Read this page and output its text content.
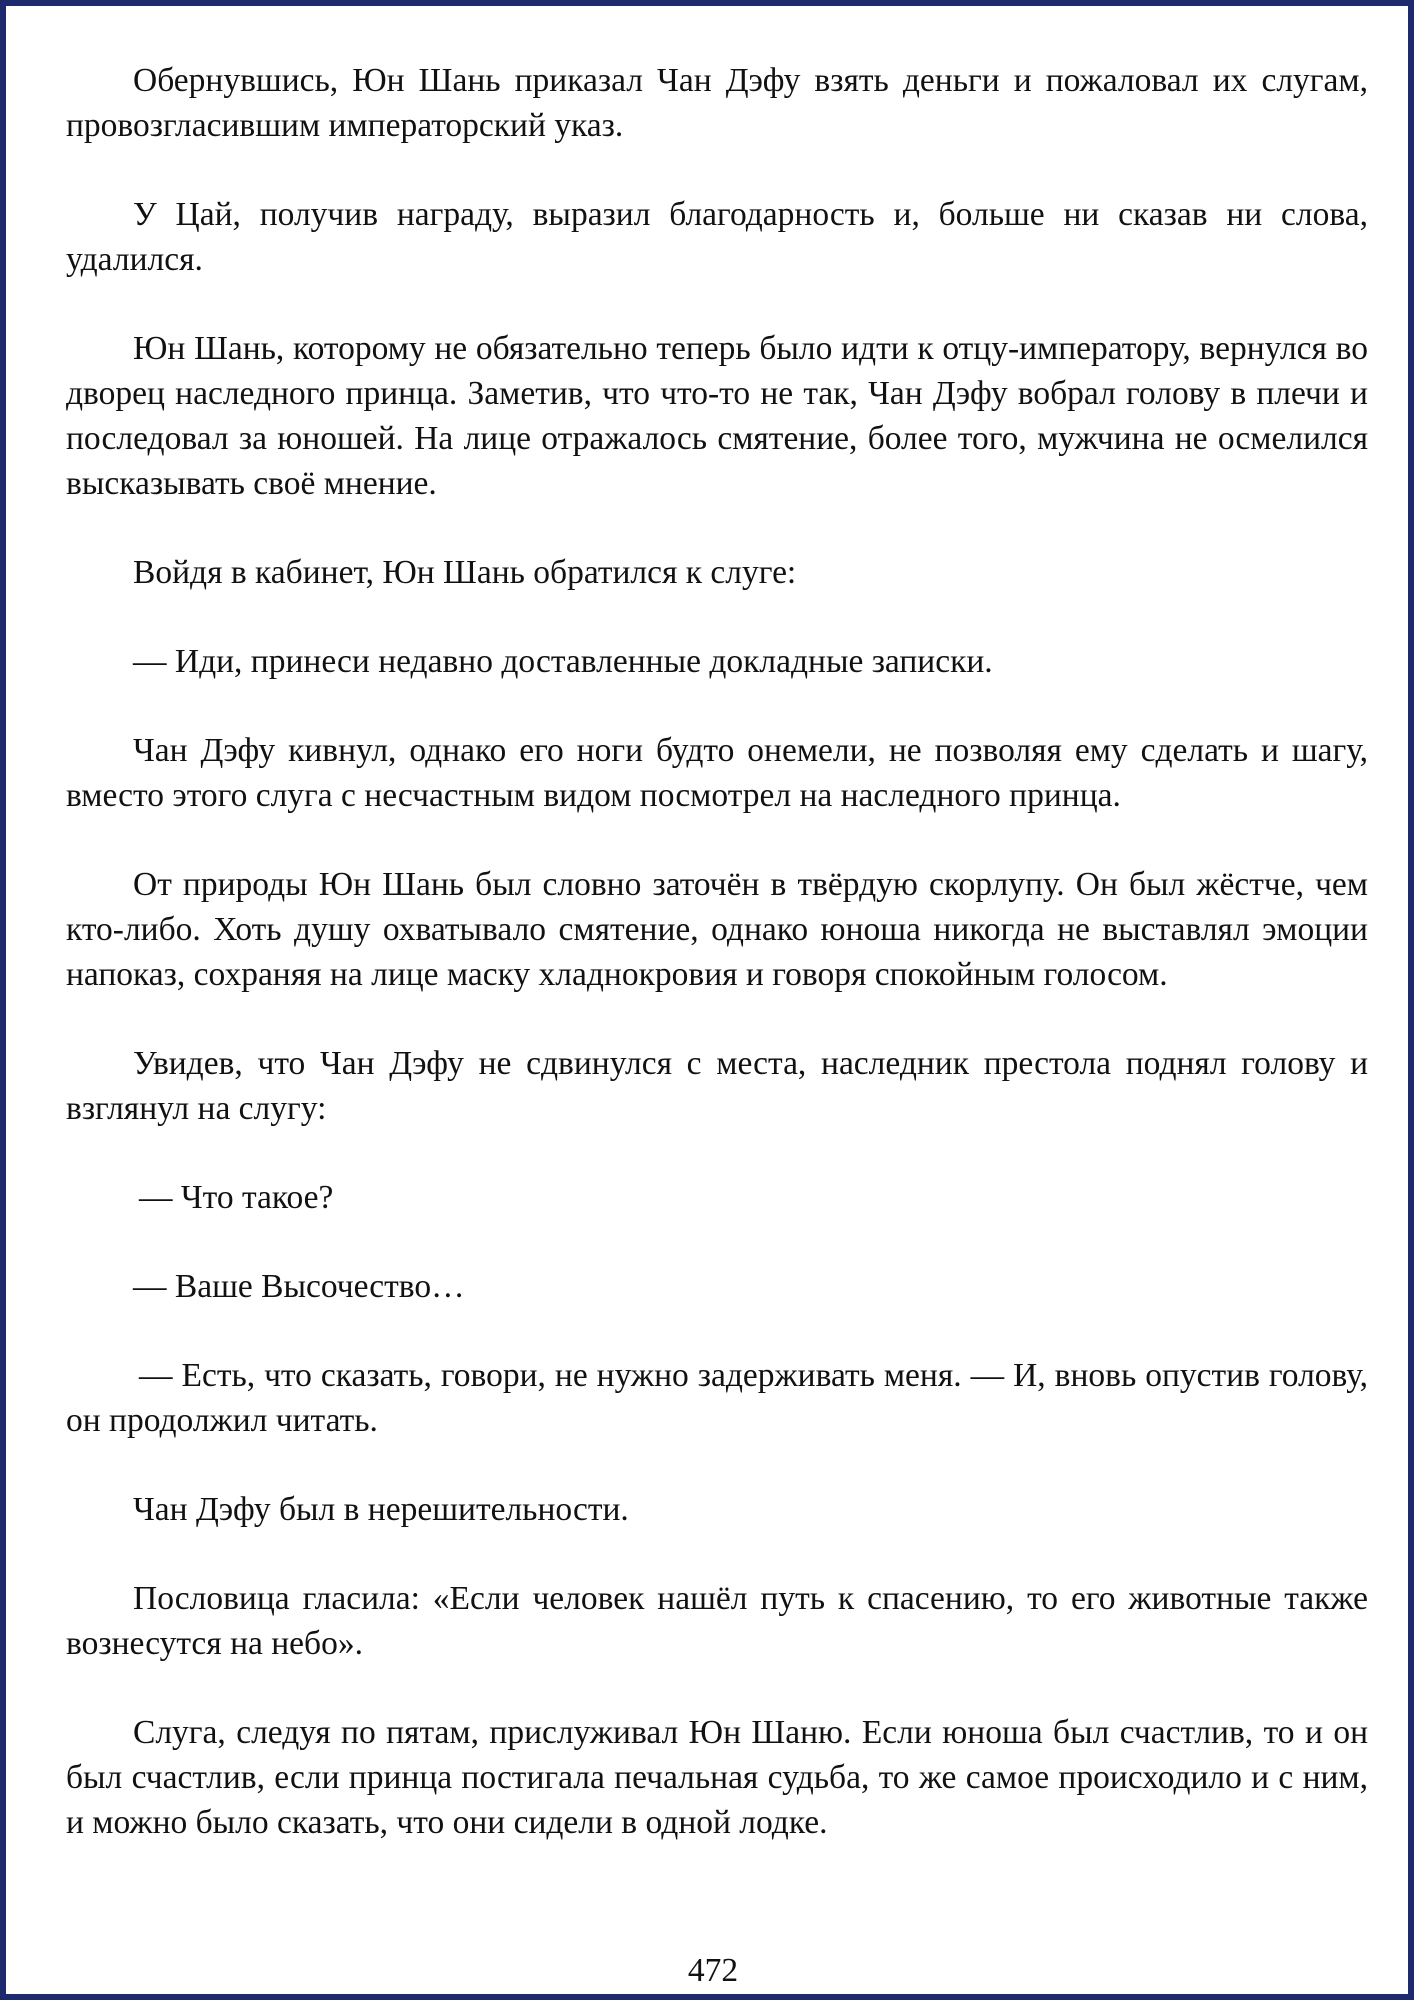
Обернувшись, Юн Шань приказал Чан Дэфу взять деньги и пожаловал их слугам, провозгласившим императорский указ.

У Цай, получив награду, выразил благодарность и, больше ни сказав ни слова, удалился.

Юн Шань, которому не обязательно теперь было идти к отцу-императору, вернулся во дворец наследного принца. Заметив, что что-то не так, Чан Дэфу вобрал голову в плечи и последовал за юношей. На лице отражалось смятение, более того, мужчина не осмелился высказывать своё мнение.

Войдя в кабинет, Юн Шань обратился к слуге:

— Иди, принеси недавно доставленные докладные записки.

Чан Дэфу кивнул, однако его ноги будто онемели, не позволяя ему сделать и шагу, вместо этого слуга с несчастным видом посмотрел на наследного принца.

От природы Юн Шань был словно заточён в твёрдую скорлупу. Он был жёстче, чем кто-либо. Хоть душу охватывало смятение, однако юноша никогда не выставлял эмоции напоказ, сохраняя на лице маску хладнокровия и говоря спокойным голосом.

Увидев, что Чан Дэфу не сдвинулся с места, наследник престола поднял голову и взглянул на слугу:

— Что такое?

— Ваше Высочество…

— Есть, что сказать, говори, не нужно задерживать меня. — И, вновь опустив голову, он продолжил читать.

Чан Дэфу был в нерешительности.

Пословица гласила: «Если человек нашёл путь к спасению, то его животные также вознесутся на небо».

Слуга, следуя по пятам, прислуживал Юн Шаню. Если юноша был счастлив, то и он был счастлив, если принца постигала печальная судьба, то же самое происходило и с ним, и можно было сказать, что они сидели в одной лодке.

472
